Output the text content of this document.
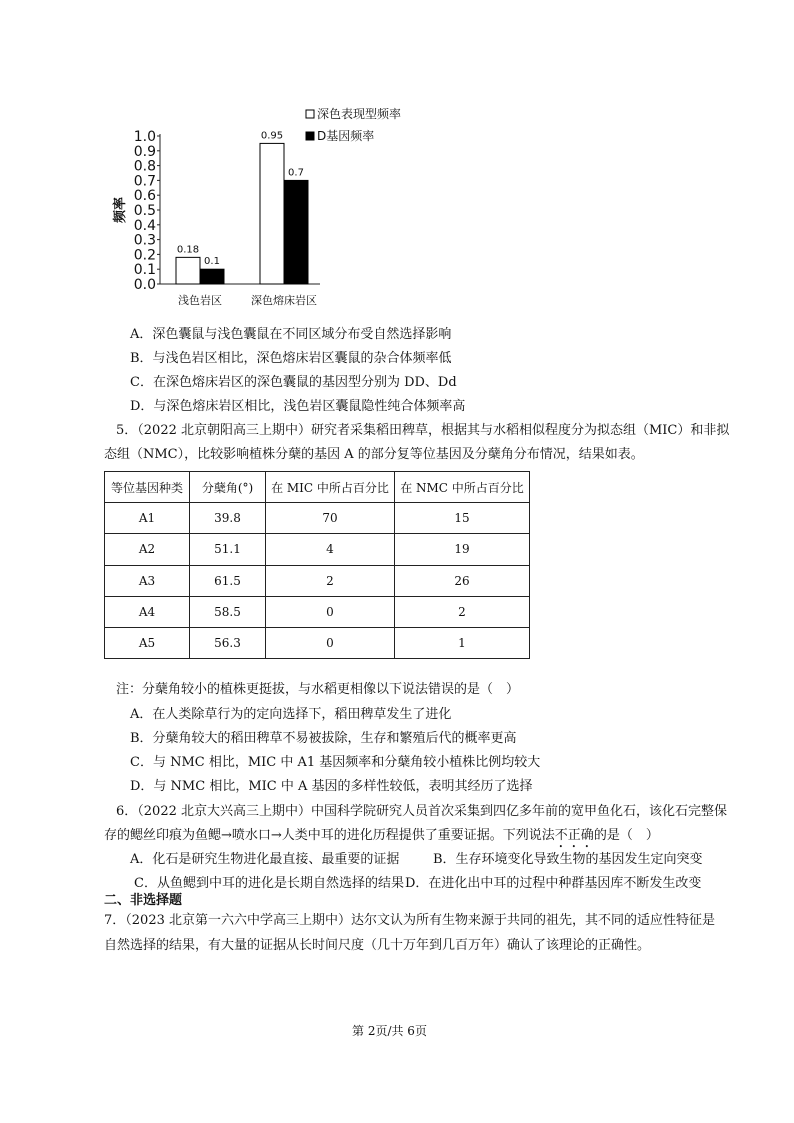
0.0
0.1
0.2
0.3
0.4
0.5
0.6
0.7
0.8
0.9
1.0
频率
0.18
0.1
浅色岩区
0.95
0.7
深色熔床岩区
深色表现型频率
D基因频率
A．深色囊鼠与浅色囊鼠在不同区域分布受自然选择影响
B．与浅色岩区相比，深色熔床岩区囊鼠的杂合体频率低
C．在深色熔床岩区的深色囊鼠的基因型分别为 DD、Dd
D．与深色熔床岩区相比，浅色岩区囊鼠隐性纯合体频率高
5．（2022 北京朝阳高三上期中）研究者采集稻田稗草，根据其与水稻相似程度分为拟态组（MIC）和非拟
态组（NMC），比较影响植株分蘖的基因 A 的部分复等位基因及分蘖角分布情况，结果如表。
等位基因种类	分蘖角(°)	在 MIC 中所占百分比	在 NMC 中所占百分比
A1	39.8	70	15
A2	51.1	4	19
A3	61.5	2	26
A4	58.5	0	2
A5	56.3	0	1
注：分蘖角较小的植株更挺拔，与水稻更相像以下说法错误的是（　）
A．在人类除草行为的定向选择下，稻田稗草发生了进化
B．分蘖角较大的稻田稗草不易被拔除，生存和繁殖后代的概率更高
C．与 NMC 相比，MIC 中 A1 基因频率和分蘖角较小植株比例均较大
D．与 NMC 相比，MIC 中 A 基因的多样性较低，表明其经历了选择
6．（2022 北京大兴高三上期中）中国科学院研究人员首次采集到四亿多年前的宽甲鱼化石，该化石完整保
存的鳃丝印痕为鱼鳃→喷水口→人类中耳的进化历程提供了重要证据。下列说法不正确的是（　）
A．化石是研究生物进化最直接、最重要的证据	B．生存环境变化导致生物的基因发生定向突变
C．从鱼鳃到中耳的进化是长期自然选择的结果 D．在进化出中耳的过程中种群基因库不断发生改变
二、非选择题
7．（2023 北京第一六六中学高三上期中）达尔文认为所有生物来源于共同的祖先，其不同的适应性特征是
自然选择的结果，有大量的证据从长时间尺度（几十万年到几百万年）确认了该理论的正确性。
第 2页/共 6页
